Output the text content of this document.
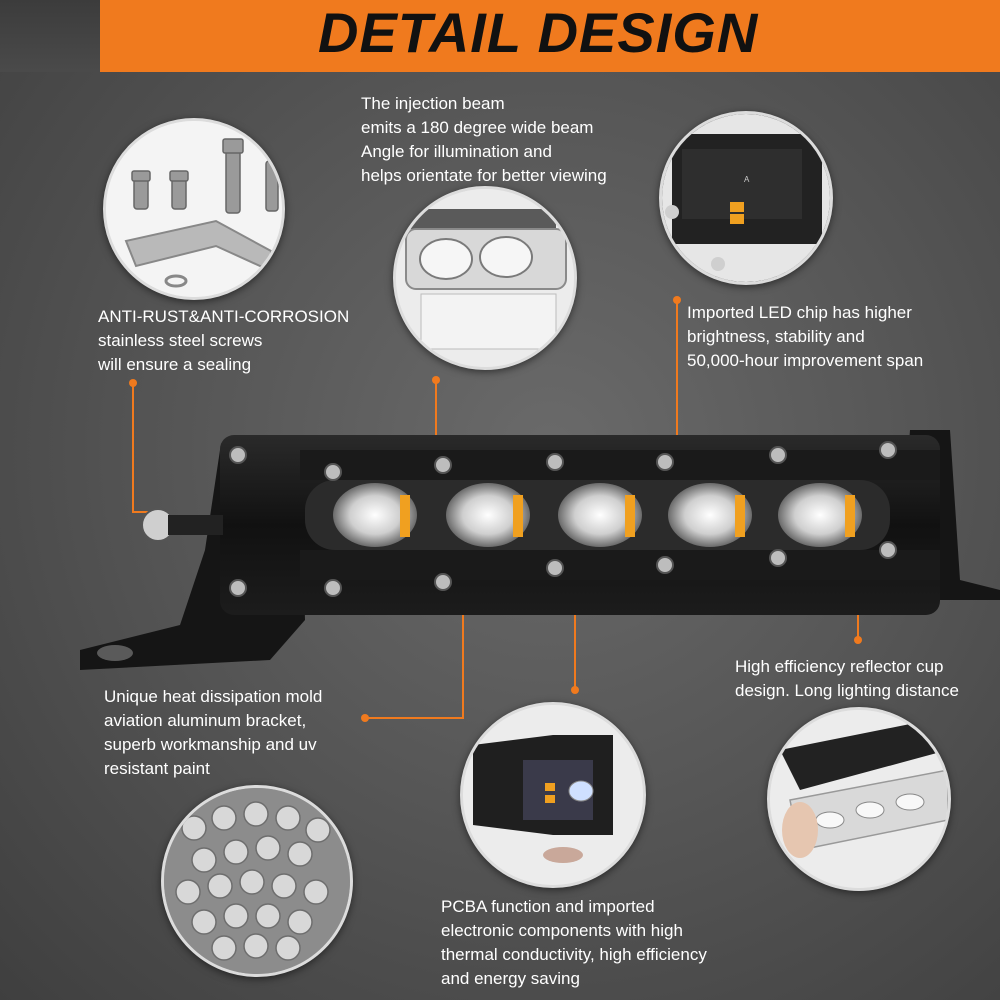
DETAIL DESIGN
A
The injection beam
emits a 180 degree wide beam
Angle for illumination and
helps orientate for better viewing
ANTI-RUST&ANTI-CORROSION
stainless steel screws
will ensure a sealing
Imported LED chip has higher
brightness, stability and
50,000-hour improvement span
High efficiency reflector cup
design. Long lighting distance
Unique heat dissipation mold
aviation aluminum bracket,
superb workmanship and uv
resistant paint
PCBA function and imported
electronic components with high
thermal conductivity, high efficiency
and energy saving
